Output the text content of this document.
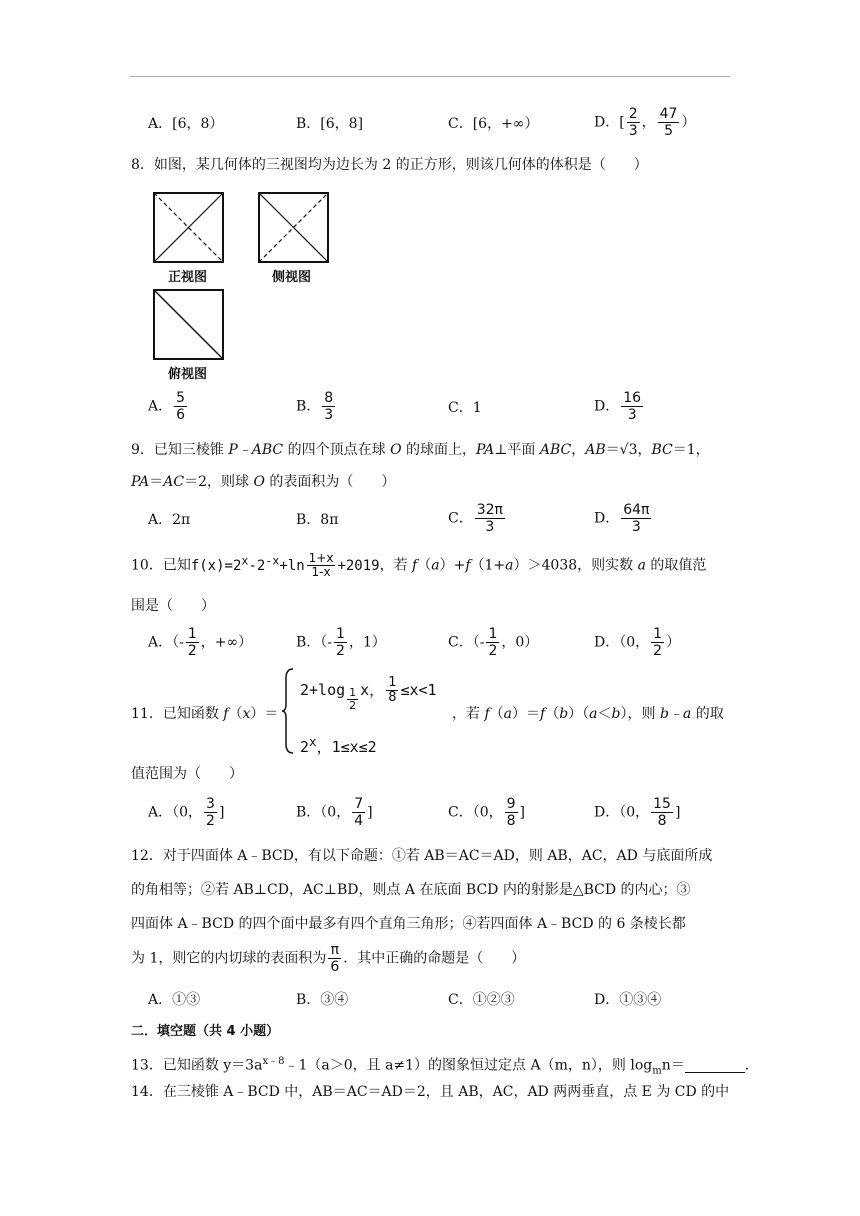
A．[6，8）	B．[6，8]	C．[6，+∞）	D．[ $\frac{2}{3}$ ， $\frac{47}{5}$ ）
8．如图，某几何体的三视图均为边长为 2 的正方形，则该几何体的体积是（　　）
正视图	侧视图
俯视图
A． $\frac{5}{6}$	B． $\frac{8}{3}$	C．1	D． $\frac{16}{3}$
9．已知三棱锥 P﹣ABC 的四个顶点在球 O 的球面上，PA⊥平面 ABC，AB＝√3，BC＝1，
PA＝AC＝2，则球 O 的表面积为（　　）
A．2π	B．8π	C． $\frac{32\pi}{3}$	D． $\frac{64\pi}{3}$
10．已知$f(x)=2^x-2^{-x}+\ln \frac{1+x}{1-x} +2019$，若 f（a）+f（1+a）＞4038，则实数 a 的取值范
围是（　　）
A．（- $\frac{1}{2}$ ，+∞）	B．（- $\frac{1}{2}$ ，1）	C．（- $\frac{1}{2}$ ，0）	D．（0， $\frac{1}{2}$ ）
11．已知函数 f（x）＝
$2+\log \frac{1}{2}$ x， $\frac{1}{8} \le x<1$
2$^x$，1≤x≤2
，若 f（a）＝f（b）（a＜b），则 b﹣a 的取
值范围为（　　）
A．（0， $\frac{3}{2}$ ]	B．（0， $\frac{7}{4}$ ]	C．（0， $\frac{9}{8}$ ]	D．（0， $\frac{15}{8}$ ]
12．对于四面体 A﹣BCD，有以下命题：①若 AB＝AC＝AD，则 AB，AC，AD 与底面所成
的角相等；②若 AB⊥CD，AC⊥BD，则点 A 在底面 BCD 内的射影是△BCD 的内心；③
四面体 A﹣BCD 的四个面中最多有四个直角三角形；④若四面体 A﹣BCD 的 6 条棱长都
为 1，则它的内切球的表面积为 $\frac{\pi}{6}$ ．其中正确的命题是（　　）
A．①③	B．③④	C．①②③	D．①③④
二．填空题（共 4 小题）
13．已知函数 $y=3a^{x﹣8}﹣1(a>0$，且 a≠1）的图象恒过定点 A（m，n），则 $\log_mn=$	．
14．在三棱锥 A﹣BCD 中，AB＝AC＝AD＝2，且 AB，AC，AD 两两垂直，点 E 为 CD 的中
